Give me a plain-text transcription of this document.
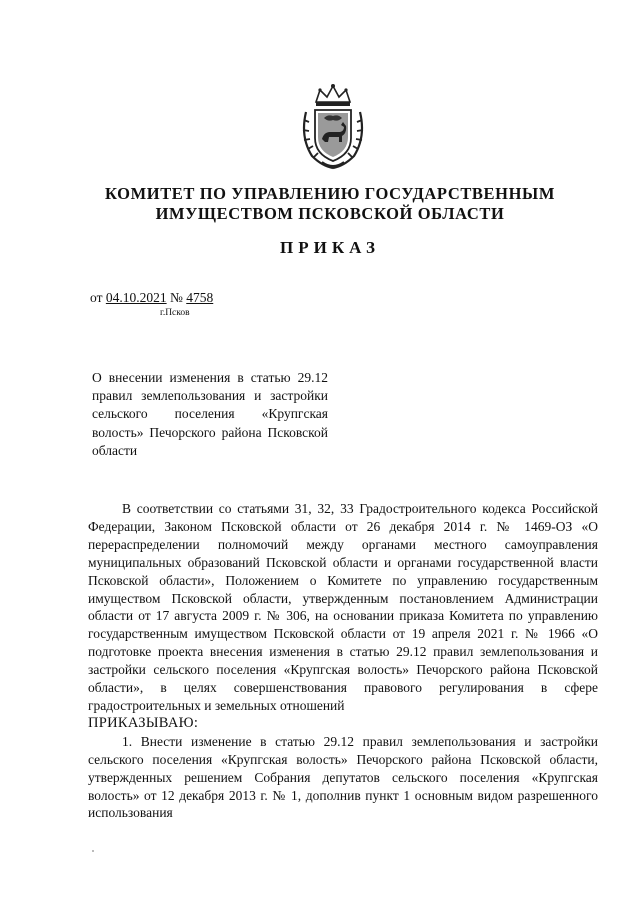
КОМИТЕТ ПО УПРАВЛЕНИЮ ГОСУДАРСТВЕННЫМ
ИМУЩЕСТВОМ ПСКОВСКОЙ ОБЛАСТИ
ПРИКАЗ
от 04.10.2021 № 4758
г.Псков
О внесении изменения в статью 29.12 правил землепользования и застройки сельского поселения «Крупгская волость» Печорского района Псковской области

В соответствии со статьями 31, 32, 33 Градостроительного кодекса Российской Федерации, Законом Псковской области от 26 декабря 2014 г. № 1469-ОЗ «О перераспределении полномочий между органами местного самоуправления муниципальных образований Псковской области и органами государственной власти Псковской области», Положением о Комитете по управлению государственным имуществом Псковской области, утвержденным постановлением Администрации области от 17 августа 2009 г. № 306, на основании приказа Комитета по управлению государственным имуществом Псковской области от 19 апреля 2021 г. № 1966 «О подготовке проекта внесения изменения в статью 29.12 правил землепользования и застройки сельского поселения «Крупгская волость» Печорского района Псковской области», в целях совершенствования правового регулирования в сфере градостроительных и земельных отношений

ПРИКАЗЫВАЮ:

1. Внести изменение в статью 29.12 правил землепользования и застройки сельского поселения «Крупгская волость» Печорского района Псковской области, утвержденных решением Собрания депутатов сельского поселения «Крупгская волость» от 12 декабря 2013 г. № 1, дополнив пункт 1 основным видом разрешенного использования
